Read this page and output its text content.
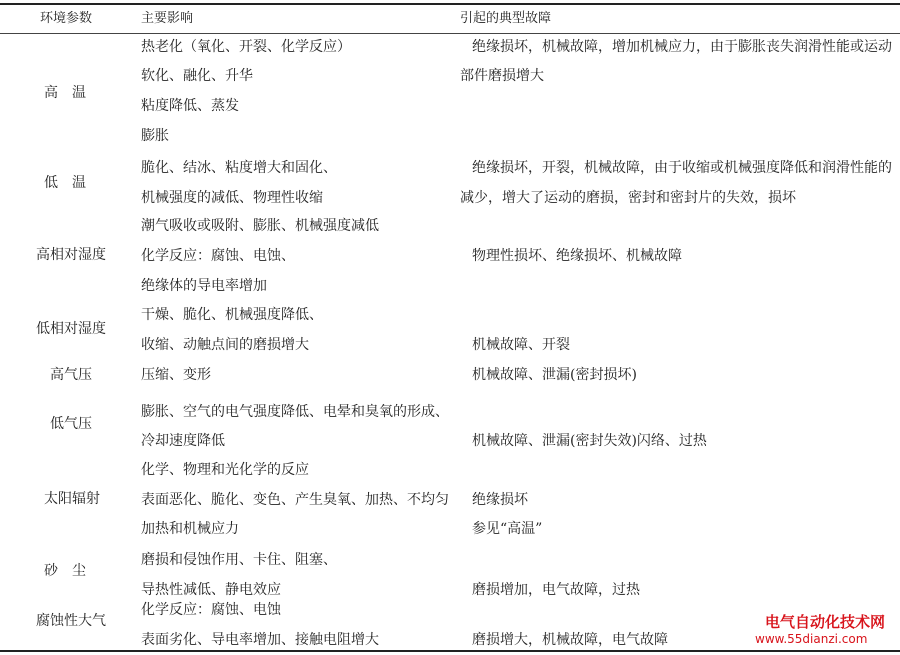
环境参数	主要影响	引起的典型故障
高　温
低　温
高相对湿度
低相对湿度
高气压
低气压
太阳辐射
砂　尘
腐蚀性大气
热老化（氧化、开裂、化学反应）
软化、融化、升华
粘度降低、蒸发
膨胀
脆化、结冰、粘度增大和固化、
机械强度的减低、物理性收缩
潮气吸收或吸附、膨胀、机械强度减低
化学反应：腐蚀、电蚀、
绝缘体的导电率增加
干燥、脆化、机械强度降低、
收缩、动触点间的磨损增大
压缩、变形
膨胀、空气的电气强度降低、电晕和臭氧的形成、
冷却速度降低
化学、物理和光化学的反应
表面恶化、脆化、变色、产生臭氧、加热、不均匀
加热和机械应力
磨损和侵蚀作用、卡住、阻塞、
导热性减低、静电效应
化学反应：腐蚀、电蚀
表面劣化、导电率增加、接触电阻增大
绝缘损坏，机械故障，增加机械应力，由于膨胀丧失润滑性能或运动
部件磨损增大
绝缘损坏，开裂，机械故障，由于收缩或机械强度降低和润滑性能的
减少，增大了运动的磨损，密封和密封片的失效，损坏
物理性损坏、绝缘损坏、机械故障
机械故障、开裂
机械故障、泄漏(密封损坏)
机械故障、泄漏(密封失效)闪络、过热
绝缘损坏
参见“高温”
磨损增加，电气故障，过热
磨损增大，机械故障，电气故障
电气自动化技术网
www.55dianzi.com
